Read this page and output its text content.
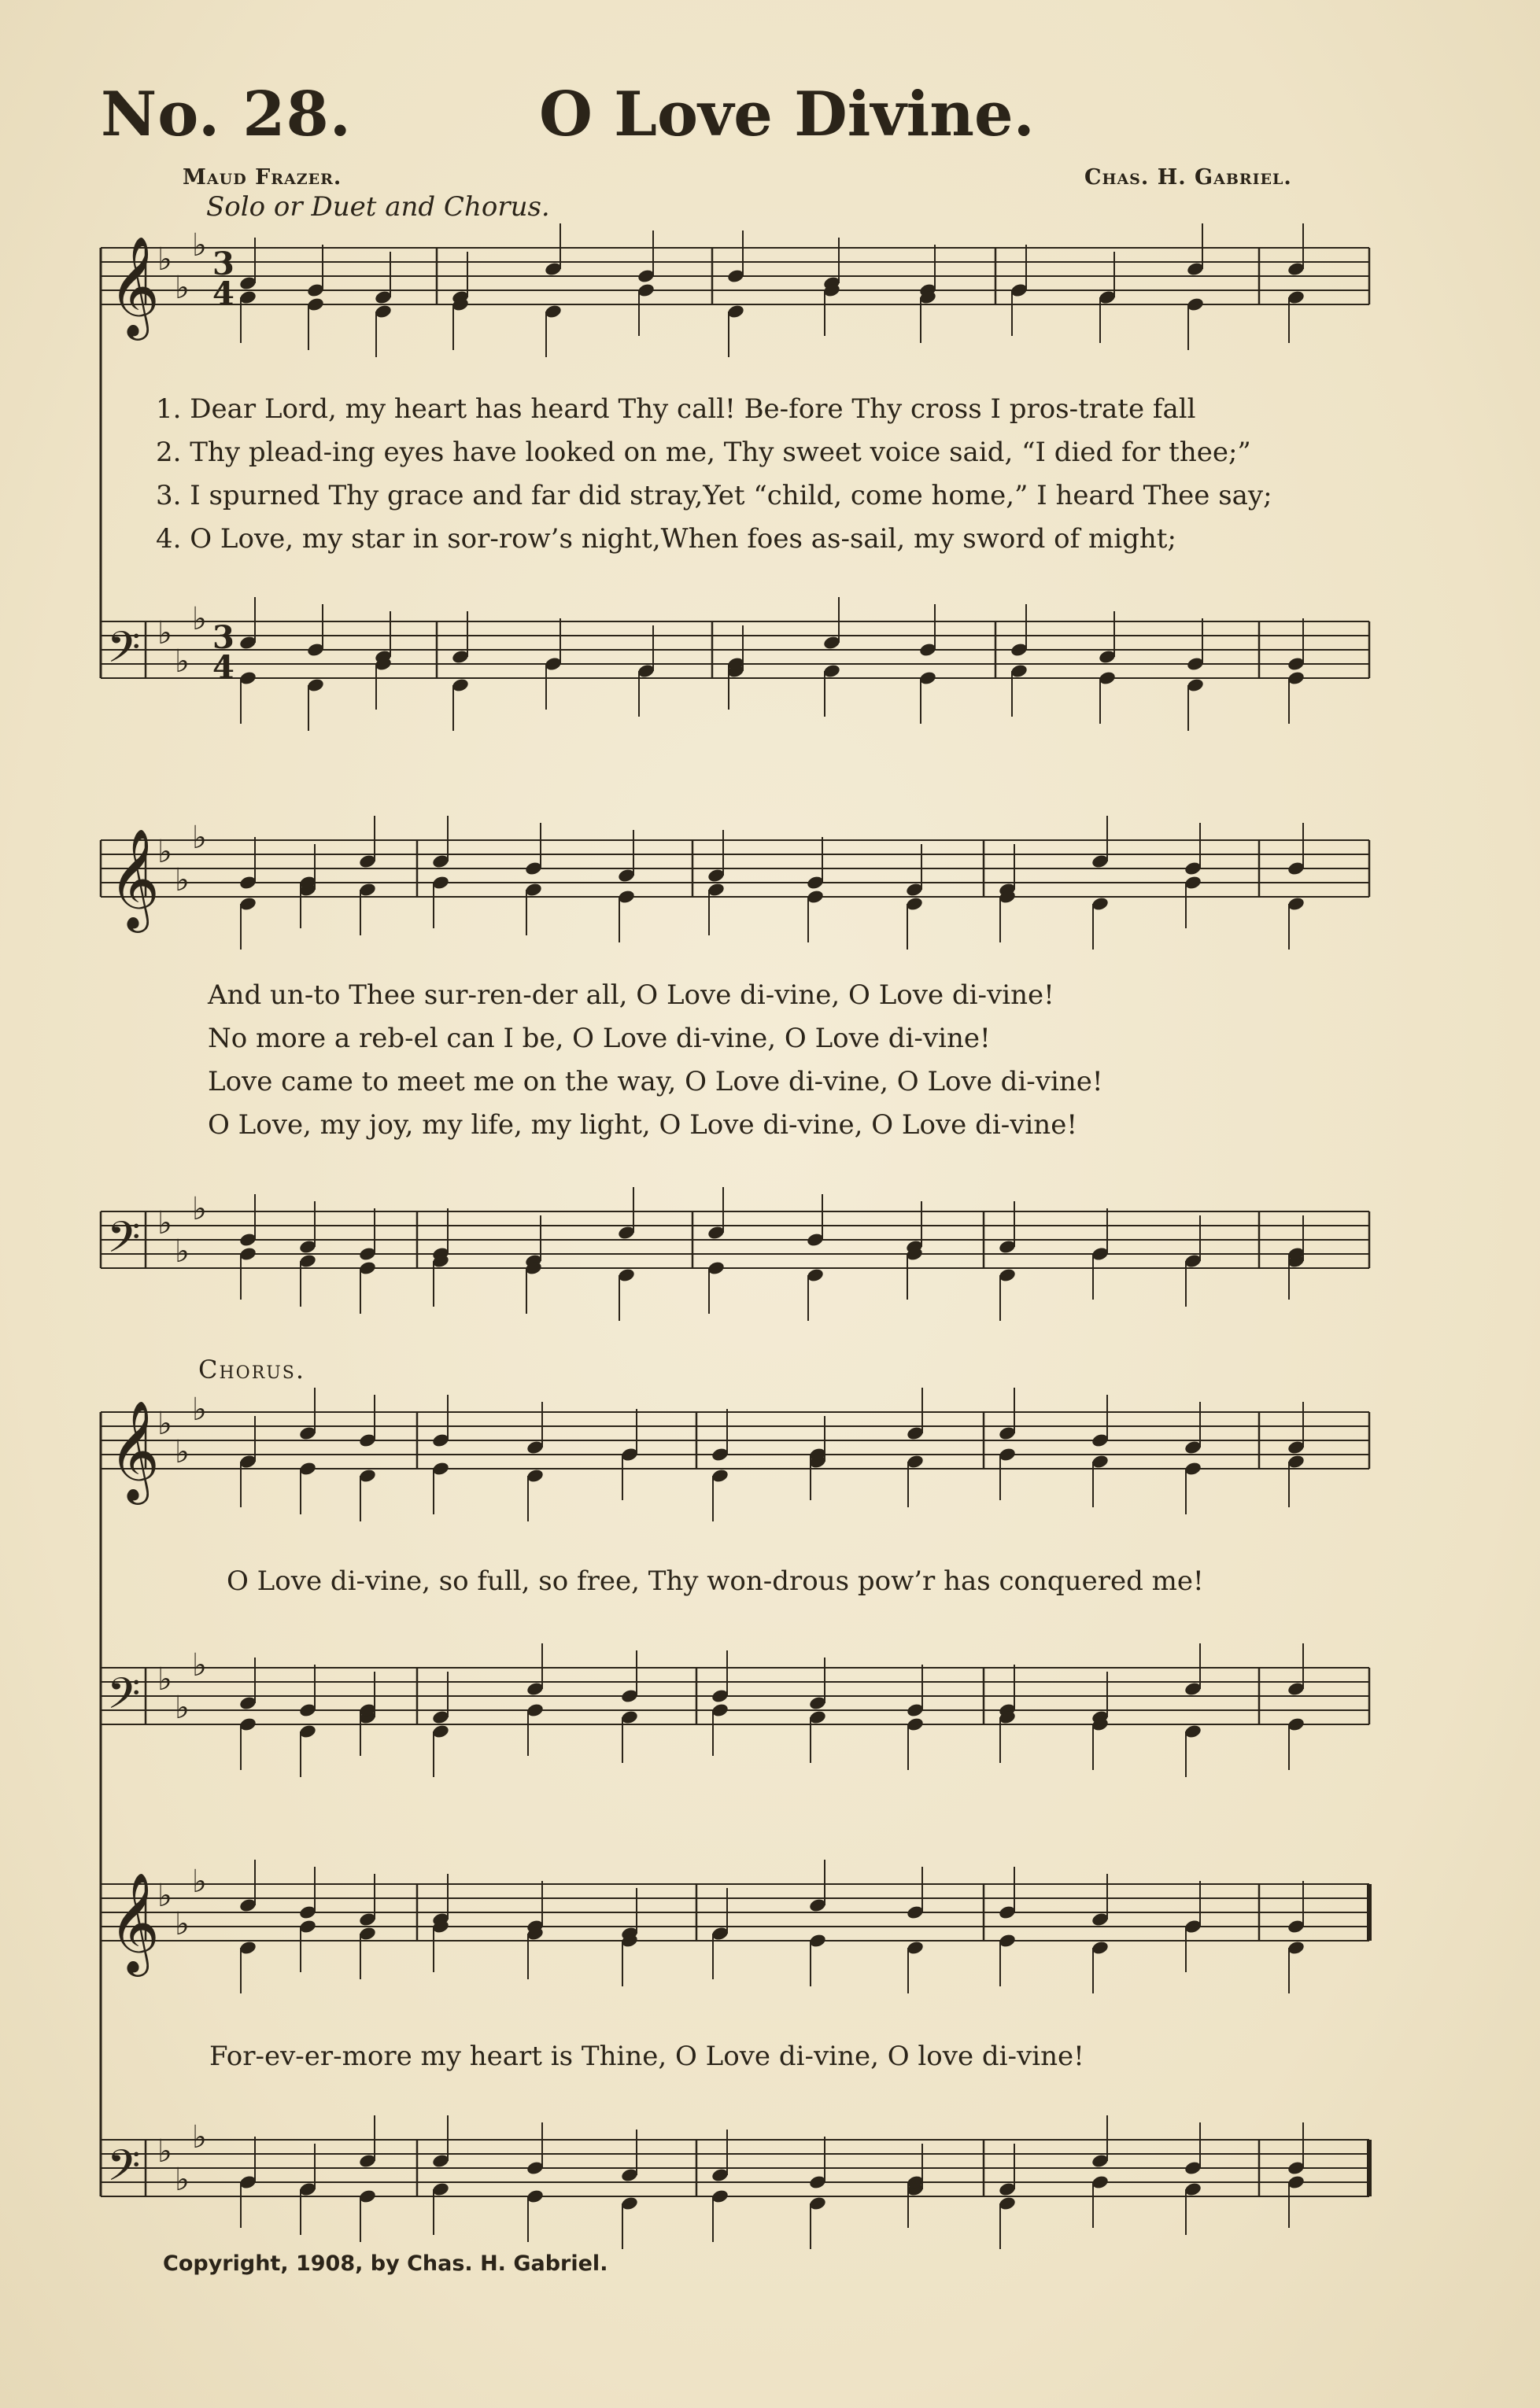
𝄞
♭
♭
♭ 3
4
𝄢 ♭
♭
♭ 3
4
𝄞
♭
♭
♭
𝄢 ♭
♭
♭
𝄞
♭
♭
♭
𝄢 ♭
♭
♭
𝄞
♭
♭
♭
𝄢 ♭
♭
♭
No. 28.	O Love Divine.
Maud Frazer.	Chas. H. Gabriel.
Solo or Duet and Chorus.
1. Dear Lord, my heart has heard Thy call! Be-fore Thy cross I pros-trate fall
2. Thy plead-ing eyes have looked on me, Thy sweet voice said, “I died for thee;”
3. I spurned Thy grace and far did stray,Yet “child, come home,” I heard Thee say;
4. O Love, my star in sor-row’s night,When foes as-sail, my sword of might;
And un-to Thee sur-ren-der all, O Love di-vine, O Love di-vine!
No more a reb-el can I be, O Love di-vine, O Love di-vine!
Love came to meet me on the way, O Love di-vine, O Love di-vine!
O Love, my joy, my life, my light, O Love di-vine, O Love di-vine!
Chorus.
O Love di-vine, so full, so free, Thy won-drous pow’r has conquered me!
For-ev-er-more my heart is Thine, O Love di-vine, O love di-vine!
Copyright, 1908, by Chas. H. Gabriel.
